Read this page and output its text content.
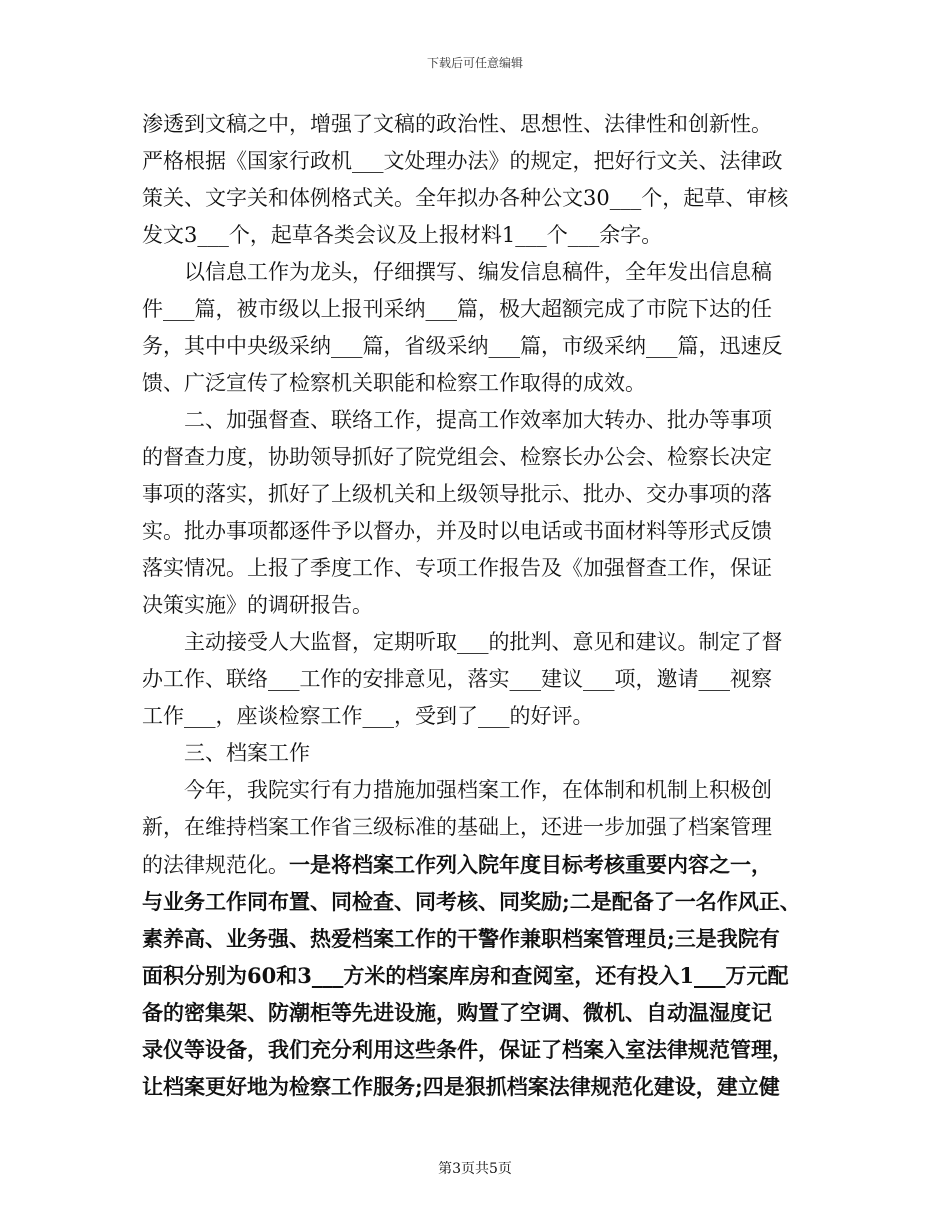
下载后可任意编辑
渗透到文稿之中，增强了文稿的政治性、思想性、法律性和创新性。
严格根据《国家行政机___文处理办法》的规定，把好行文关、法律政
策关、文字关和体例格式关。全年拟办各种公文30___个，起草、审核
发文3___个，起草各类会议及上报材料1___个___余字。
以信息工作为龙头，仔细撰写、编发信息稿件，全年发出信息稿
件___篇，被市级以上报刊采纳___篇，极大超额完成了市院下达的任
务，其中中央级采纳___篇，省级采纳___篇，市级采纳___篇，迅速反
馈、广泛宣传了检察机关职能和检察工作取得的成效。
二、加强督查、联络工作，提高工作效率加大转办、批办等事项
的督查力度，协助领导抓好了院党组会、检察长办公会、检察长决定
事项的落实，抓好了上级机关和上级领导批示、批办、交办事项的落
实。批办事项都逐件予以督办，并及时以电话或书面材料等形式反馈
落实情况。上报了季度工作、专项工作报告及《加强督查工作，保证
决策实施》的调研报告。
主动接受人大监督，定期听取___的批判、意见和建议。制定了督
办工作、联络___工作的安排意见，落实___建议___项，邀请___视察
工作___，座谈检察工作___，受到了___的好评。
三、档案工作
今年，我院实行有力措施加强档案工作，在体制和机制上积极创
新，在维持档案工作省三级标准的基础上，还进一步加强了档案管理
的法律规范化。一是将档案工作列入院年度目标考核重要内容之一，
与业务工作同布置、同检查、同考核、同奖励;二是配备了一名作风正、
素养高、业务强、热爱档案工作的干警作兼职档案管理员;三是我院有
面积分别为60和3___方米的档案库房和查阅室，还有投入1___万元配
备的密集架、防潮柜等先进设施，购置了空调、微机、自动温湿度记
录仪等设备，我们充分利用这些条件，保证了档案入室法律规范管理，
让档案更好地为检察工作服务;四是狠抓档案法律规范化建设，建立健
第3页共5页
